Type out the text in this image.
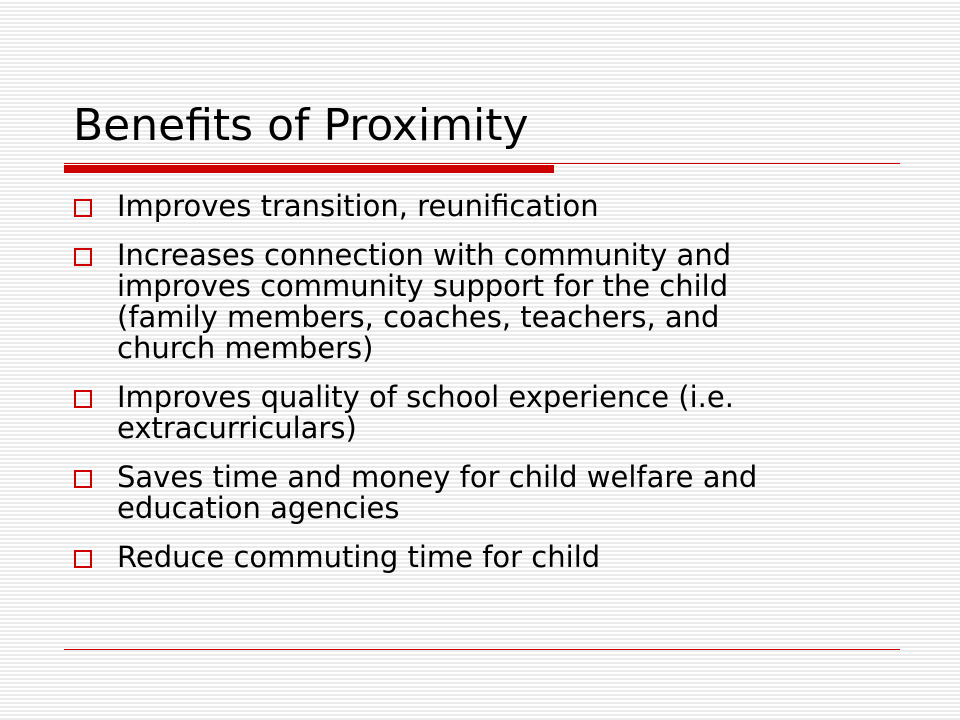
Benefits of Proximity
Improves transition, reunification
Increases connection with community and
improves community support for the child
(family members, coaches, teachers, and
church members)
Improves quality of school experience (i.e.
extracurriculars)
Saves time and money for child welfare and
education agencies
Reduce commuting time for child
